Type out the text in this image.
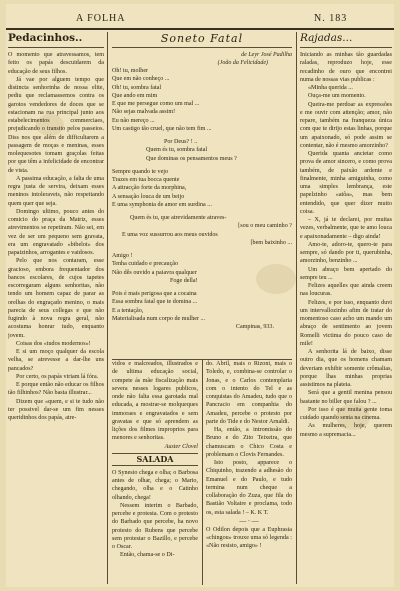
A FOLHA	N. 183
Pedacinhos..

O momento que atravessamos, tem feito os papás descuidarem da educação de seus filhos.

Já vae por alguem tempo que distincta senhorinha de nossa elite, pediu que reclamassemos contra os garotos vendedores de doces que se estacionam na rua principal junto aos estabelecimentos commerciaes, prejudicando o transito pelos passeios. Diss nos que além de difficultarem a passagem de moças e meninas, esses molequesotes tomam graçolas feitas por que têm a infelicidade de encontrar de vista.

A passima educação, a falta de uma regra justa de servira, deixam esses meninos intoleraveis, não respeitando quem quer que seja.

Domingo ultimo, pouco antes do comicio do praça da Matriz, esses atrevimentos se repetiram. Não sei, em vez de ser um pequeno sem gravata, era um engravatado «bibelot» dos papaizinhos, arrogantes e vaidosos.

Pelo que nos contaram, esse gracioso, embora frequentador dos bancos escolares, de cujos tapetes escorregaram alguns senhoritas, não tendo um homem capaz de parar as orelhas do engraçado menino, o mais parecia de seus collegas e que não fugindo à nova regra geral, não acostuma honrar tudo, enquanto jovem.

Coisas dos «tudos modernos»!

E si um moço qualquer da escola velha, se atrevesse a dar-lhe uns pancados?

Por certo, os papás viriam lá fóra.

E porque então não educar os filhos tão filhinhos? Não basta illustrar...

Dizem que «quem, e si te tudo não ter possivel dar-se um fim nesses queridinhos dos papás, atre-

Soneto Fatal
de Leyr José Padilha
(João da Felicidade)
Oh! tu, molher
Que em não conheço ...
Oh! tu, sombra fatal
Que ando em mim
E que me persegue como um mal ...
Não sejas malvada assim!
Eu não mereço ...
Um castigo tão cruel, que não tem fim ...
Por Deus? ! ..
Quem és tu, sombra fatal
Que dominas os pensamentos meus ?
Sempre quando te vejo
Trazes em tua bocca quente
A attracção forte da morphina,
A sensação louca de um beijo
E uma symphonia de amor em surdina ...
Quem és tu, que atrevidamente atraves-
[sou o meu caminho ?
E uma voz sussurrou aos meus ouvidos
[bem baixinho ...
Amigo !
Tenha cuidado e precaução
Não dês ouvido a paiavra qualquer
Foge della!
Pois é mais perigosa que a cocaina
Essa sombra fatal que te domina ...
E a tentação,
Materialisada num corpo de mulher ...
Campinas, 933.

vidos e malcreados, illustrados e de ultima educação social, compete ás mãe fiscalização mais severa nesses logares publicos, onde não falta essa garotada mal educada, a mostrar-se molqueques immoraes e engravatados e sem gravatas e que só aprendem as lições dos filmes improprios para menores e senhoritas.

Auster Clovel
SALADA

O Synesio chega e olha; o Barbosa antes de olhar, chega; o Mario, chegando, olha e o Catinho olhando, chega!

Nessem interim o Barbado, percebe e protesta. Com o protesto do Barbado que percebe, ha novo protesto do Rubens que percebe sem protestar o Bazillo, e percebe o Oscar.

Então, chama-se o Di-

do. Abril, mais o Rizoni, mais o Toledo, e, combina-se controlar o Jonas, e o Carlos contemplaria com o intento do Tel e as conquistas do Amadeu, tudo que o Pancracio em companhia do Amadeu, percebe o protesto por parte do Tide e do Nestor Arnaldi.

Ha, então, a intromissão do Bruno e do Zito Teixeira, que chamuscam o Chico Costa e problemam o Clovis Fernandes.

Isto posto, apparece o Chiquinho, trazendo a adhesão do Emanuel e do Paulo, e tudo termina num cheque a collaboração do Zuza, que fila do Bastião Voltaire e proclama, todo os, esta salada ! – K. K T.

— ∙ —

O Odilon depois que a Euphrasia «chingou» trouxe uma só legenda : «Não resisto, amigo» !

Rajadas...

Iniciando as minhas tão guardadas raladas, reproduzo hoje, esse recadinho de ouro que encontrei numa de nossas vias publicas :

«Minha querida ...

Ouça-me um momento.

Queira-me perdoar as expressões e me ouvir com attenção; amor, não repare, também na franqueza única com que te dirijo estas linhas, porque um apaixonado, só pode assim se contentar, não é mesmo amorzinho?

Querida quanta ancietar como prova de amor sincero, e como prova também, de paixão ardente e finalmente, minha amiguinha, como uma simples lembrança, este papelzinho «atôa», mas bem entendido, que quer dizer muito coisa.

– X, já te declarei, por muitas vezes, verbalmente, que te amo louca e apaixonadamente – digo ainda!

Amo-te, adoro-te, quero-te para sempre, só dando por ti, querubinha, amorzinho, benzinho ...

Um abraço bem apertado do sempre teu ...

Felizes aquelles que ainda creem nas loucuras.

Felizes, e por isso, enquanto duvi um intervallozinho afim de tratar do momentoso caso acho um mando um abraço de sentimento ao jovem Romelli victima do pouco caso de mile!

A senhorita lá de baixo, disse outro dia, que os homens chamam deveriam exhibir somente crômalias, porque lhas minhas proprias assistimos na plateia.

Será que a gentil menina pensou bastante no biller que falou ? ...

Por isso é que muita gente toma cuidado quando senta na cinema.

As mulheres, hoje, querem mesmo a supremacia...
